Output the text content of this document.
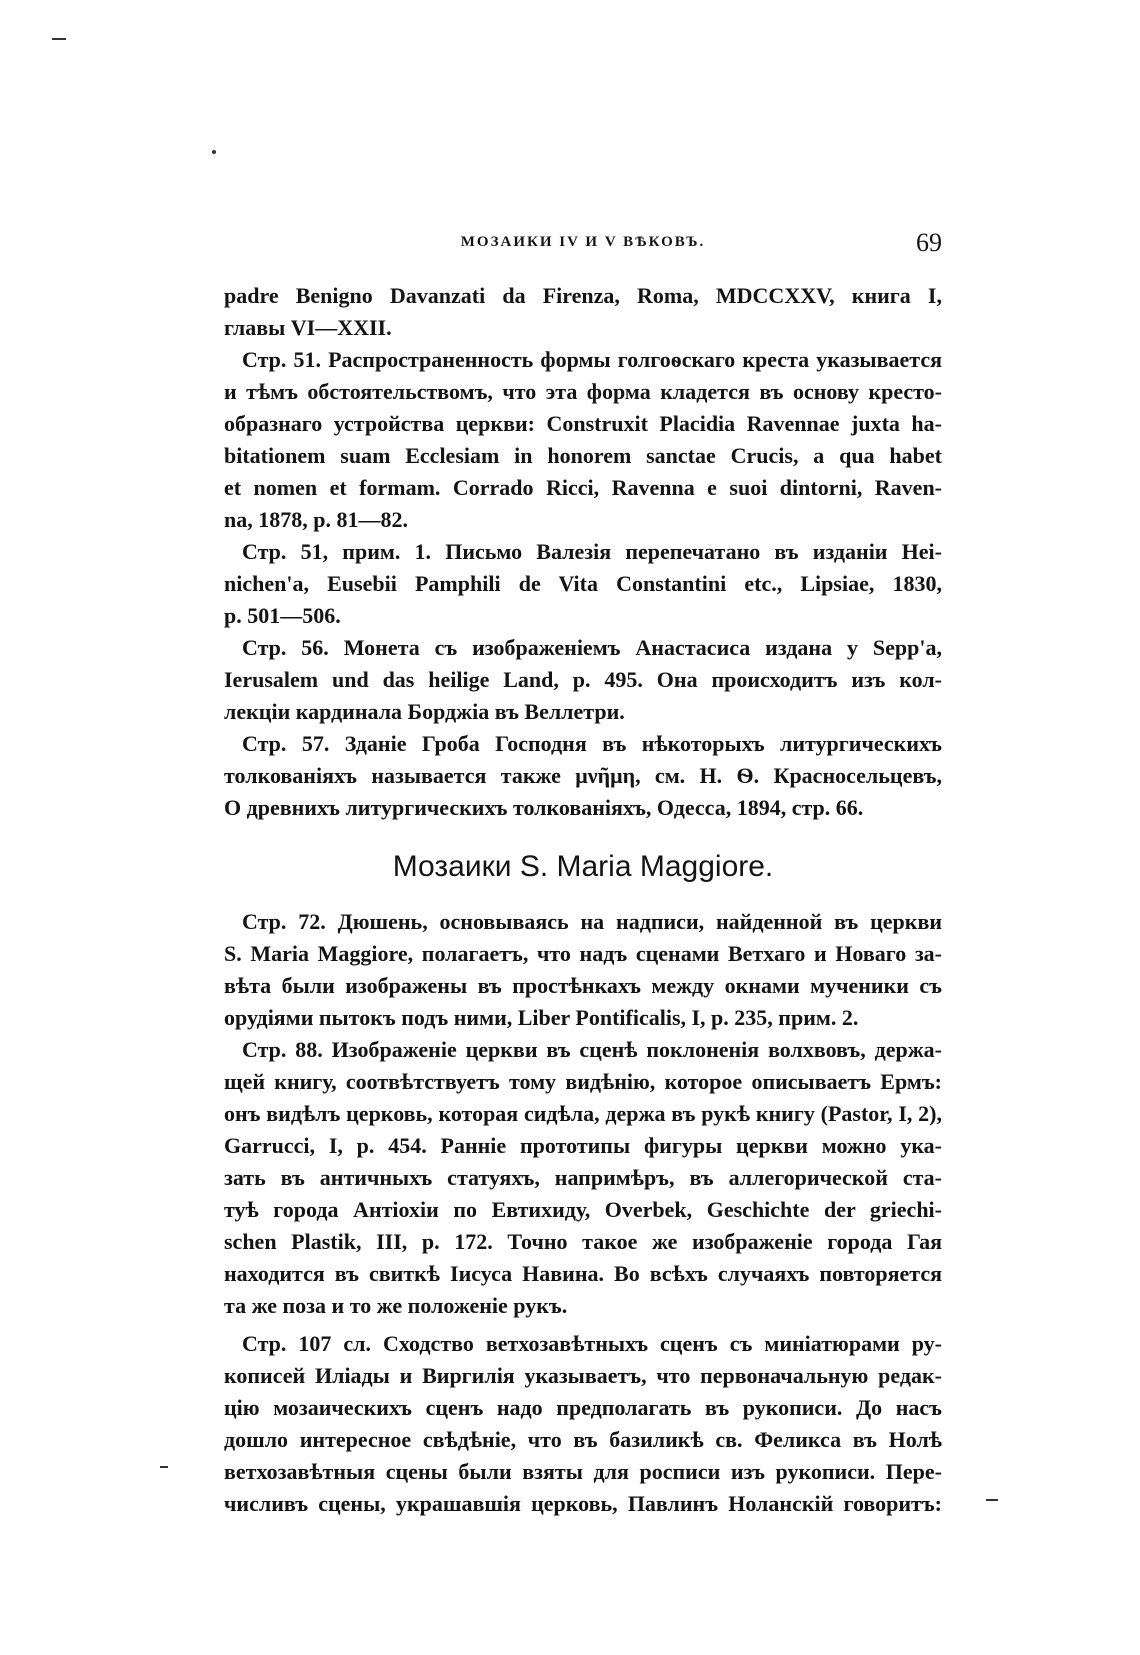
МОЗАИКИ IV И V ВѢКОВЪ.	69
padre Benignо Davanzati da Firenza, Roma, MDCCXXV, книга I,
главы VI—XXII.
Стр. 51. Распространенность формы голгоѳскаго креста указывается
и тѣмъ обстоятельствомъ, что эта форма кладется въ основу кресто-
образнаго устройства церкви: Construxit Placidia Ravennae juxta ha-
bitationem suam Ecclesiam in honorem sanctae Crucis, a qua habet
et nomen et formam. Corrado Ricci, Ravenna e suoi dintorni, Raven-
na, 1878, p. 81—82.
Стр. 51, прим. 1. Письмо Валезія перепечатано въ изданіи Hei-
nichen'a, Eusebii Pamphili de Vita Constantini etc., Lipsiae, 1830,
p. 501—506.
Стр. 56. Монета съ изображеніемъ Анастасиса издана у Sepp'a,
Ierusalem und das heilige Land, p. 495. Она происходитъ изъ кол-
лекціи кардинала Борджіа въ Веллетри.
Стр. 57. Зданіе Гроба Господня въ нѣкоторыхъ литургическихъ
толкованіяхъ называется также μνῆμη, см. Н. Ѳ. Красносельцевъ,
О древнихъ литургическихъ толкованіяхъ, Одесса, 1894, стр. 66.
Мозаики S. Maria Maggiore.
Стр. 72. Дюшень, основываясь на надписи, найденной въ церкви
S. Maria Maggiore, полагаетъ, что надъ сценами Ветхаго и Новаго за-
вѣта были изображены въ простѣнкахъ между окнами мученики съ
орудіями пытокъ подъ ними, Liber Pontificalis, I, p. 235, прим. 2.
Стр. 88. Изображеніе церкви въ сценѣ поклоненія волхвовъ, держа-
щей книгу, соотвѣтствуетъ тому видѣнію, которое описываетъ Ермъ:
онъ видѣлъ церковь, которая сидѣла, держа въ рукѣ книгу (Pastor, I, 2),
Garrucci, I, p. 454. Ранніе прототипы фигуры церкви можно ука-
зать въ античныхъ статуяхъ, напримѣръ, въ аллегорической ста-
туѣ города Антіохіи по Евтихиду, Overbek, Geschichte der griechi-
schen Plastik, III, p. 172. Точно такое же изображеніе города Гая
находится въ свиткѣ Іисуса Навина. Во всѣхъ случаяхъ повторяется
та же поза и то же положеніе рукъ.
Стр. 107 сл. Сходство ветхозавѣтныхъ сценъ съ миніатюрами ру-
кописей Иліады и Виргилія указываетъ, что первоначальную редак-
цію мозаическихъ сценъ надо предполагать въ рукописи. До насъ
дошло интересное свѣдѣніе, что въ базиликѣ св. Феликса въ Нолѣ
ветхозавѣтныя сцены были взяты для росписи изъ рукописи. Пере-
числивъ сцены, украшавшія церковь, Павлинъ Ноланскій говоритъ:
